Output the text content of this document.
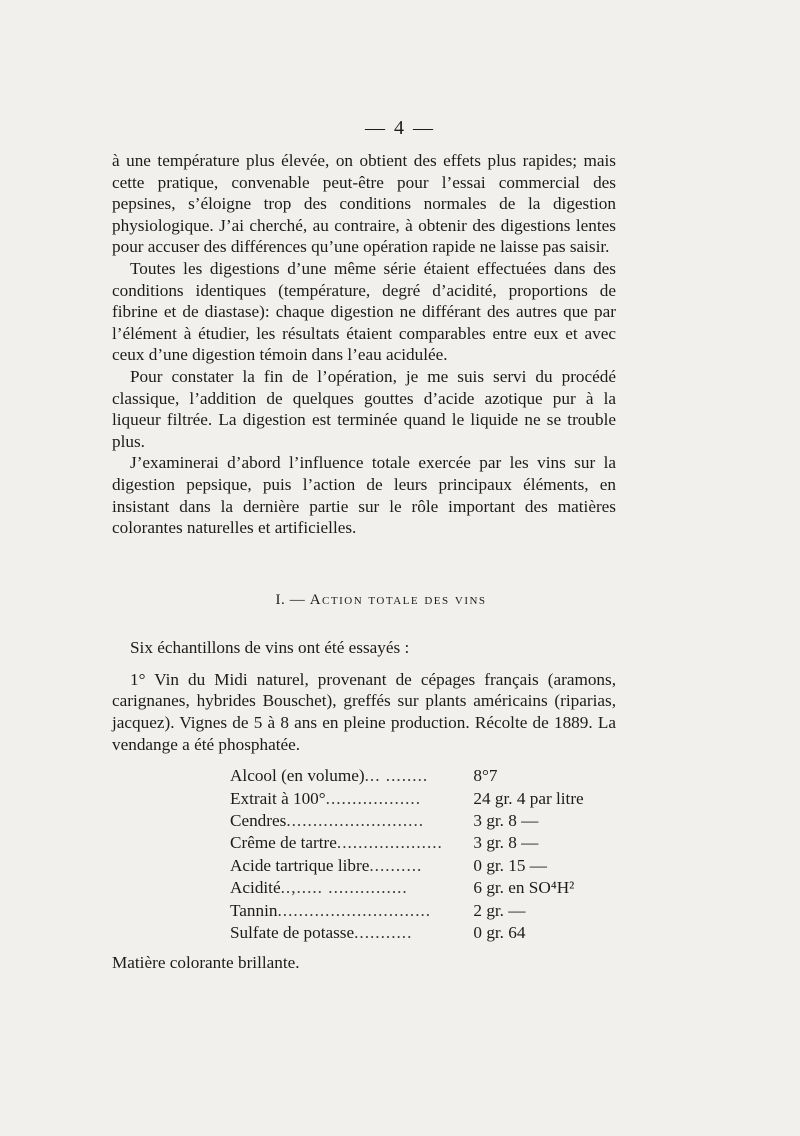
— 4 —

à une température plus élevée, on obtient des effets plus rapides; mais cette pratique, convenable peut-être pour l’essai commercial des pepsines, s’éloigne trop des conditions normales de la digestion physiologique. J’ai cherché, au contraire, à obtenir des digestions lentes pour accuser des différences qu’une opération rapide ne laisse pas saisir.

Toutes les digestions d’une même série étaient effectuées dans des conditions identiques (température, degré d’acidité, proportions de fibrine et de diastase): chaque digestion ne différant des autres que par l’élément à étudier, les résultats étaient comparables entre eux et avec ceux d’une digestion témoin dans l’eau acidulée.

Pour constater la fin de l’opération, je me suis servi du procédé classique, l’addition de quelques gouttes d’acide azotique pur à la liqueur filtrée. La digestion est terminée quand le liquide ne se trouble plus.

J’examinerai d’abord l’influence totale exercée par les vins sur la digestion pepsique, puis l’action de leurs principaux éléments, en insistant dans la dernière partie sur le rôle important des matières colorantes naturelles et artificielles.

I. — Action totale des vins

Six échantillons de vins ont été essayés :

1° Vin du Midi naturel, provenant de cépages français (aramons, carignanes, hybrides Bouschet), greffés sur plants américains (riparias, jacquez). Vignes de 5 à 8 ans en pleine production. Récolte de 1889. La vendange a été phosphatée.

Alcool (en volume)... ........	8°7
Extrait à 100°..................	24 gr. 4 par litre
Cendres..........................	3 gr. 8 —
Crême de tartre....................	3 gr. 8 —
Acide tartrique libre..........	0 gr. 15 —
Acidité..,..... ...............	6 gr. en SO⁴H²
Tannin.............................	2 gr. —
Sulfate de potasse...........	0 gr. 64

Matière colorante brillante.
